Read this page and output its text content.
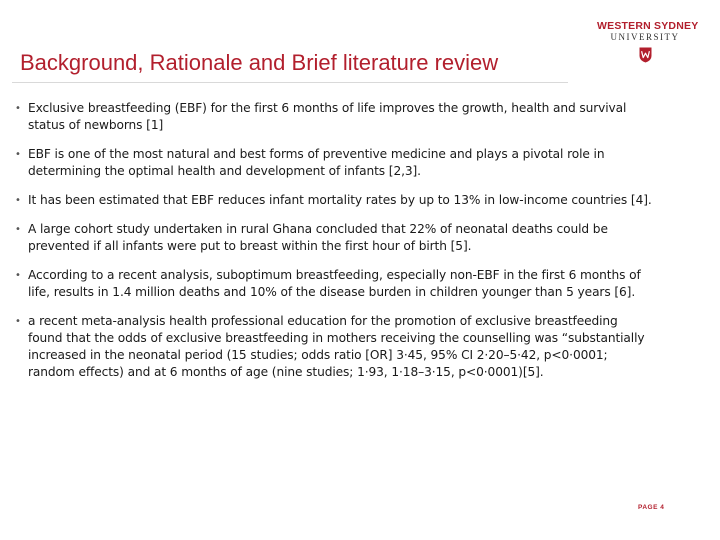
WESTERN SYDNEY
UNIVERSITY
Background, Rationale and Brief literature review
• Exclusive breastfeeding (EBF) for the first 6 months of life improves the growth, health and survival status of newborns [1]
• EBF is one of the most natural and best forms of preventive medicine and plays a pivotal role in determining the optimal health and development of infants [2,3].
• It has been estimated that EBF reduces infant mortality rates by up to 13% in low-income countries [4].
• A large cohort study undertaken in rural Ghana concluded that 22% of neonatal deaths could be prevented if all infants were put to breast within the first hour of birth [5].
• According to a recent analysis, suboptimum breastfeeding, especially non-EBF in the first 6 months of life, results in 1.4 million deaths and 10% of the disease burden in children younger than 5 years [6].
• a recent meta-analysis health professional education for the promotion of exclusive breastfeeding found that the odds of exclusive breastfeeding in mothers receiving the counselling was “substantially increased in the neonatal period (15 studies; odds ratio [OR] 3·45, 95% CI 2·20–5·42, p<0·0001; random effects) and at 6 months of age (nine studies; 1·93, 1·18–3·15, p<0·0001)[5].
PAGE 4
